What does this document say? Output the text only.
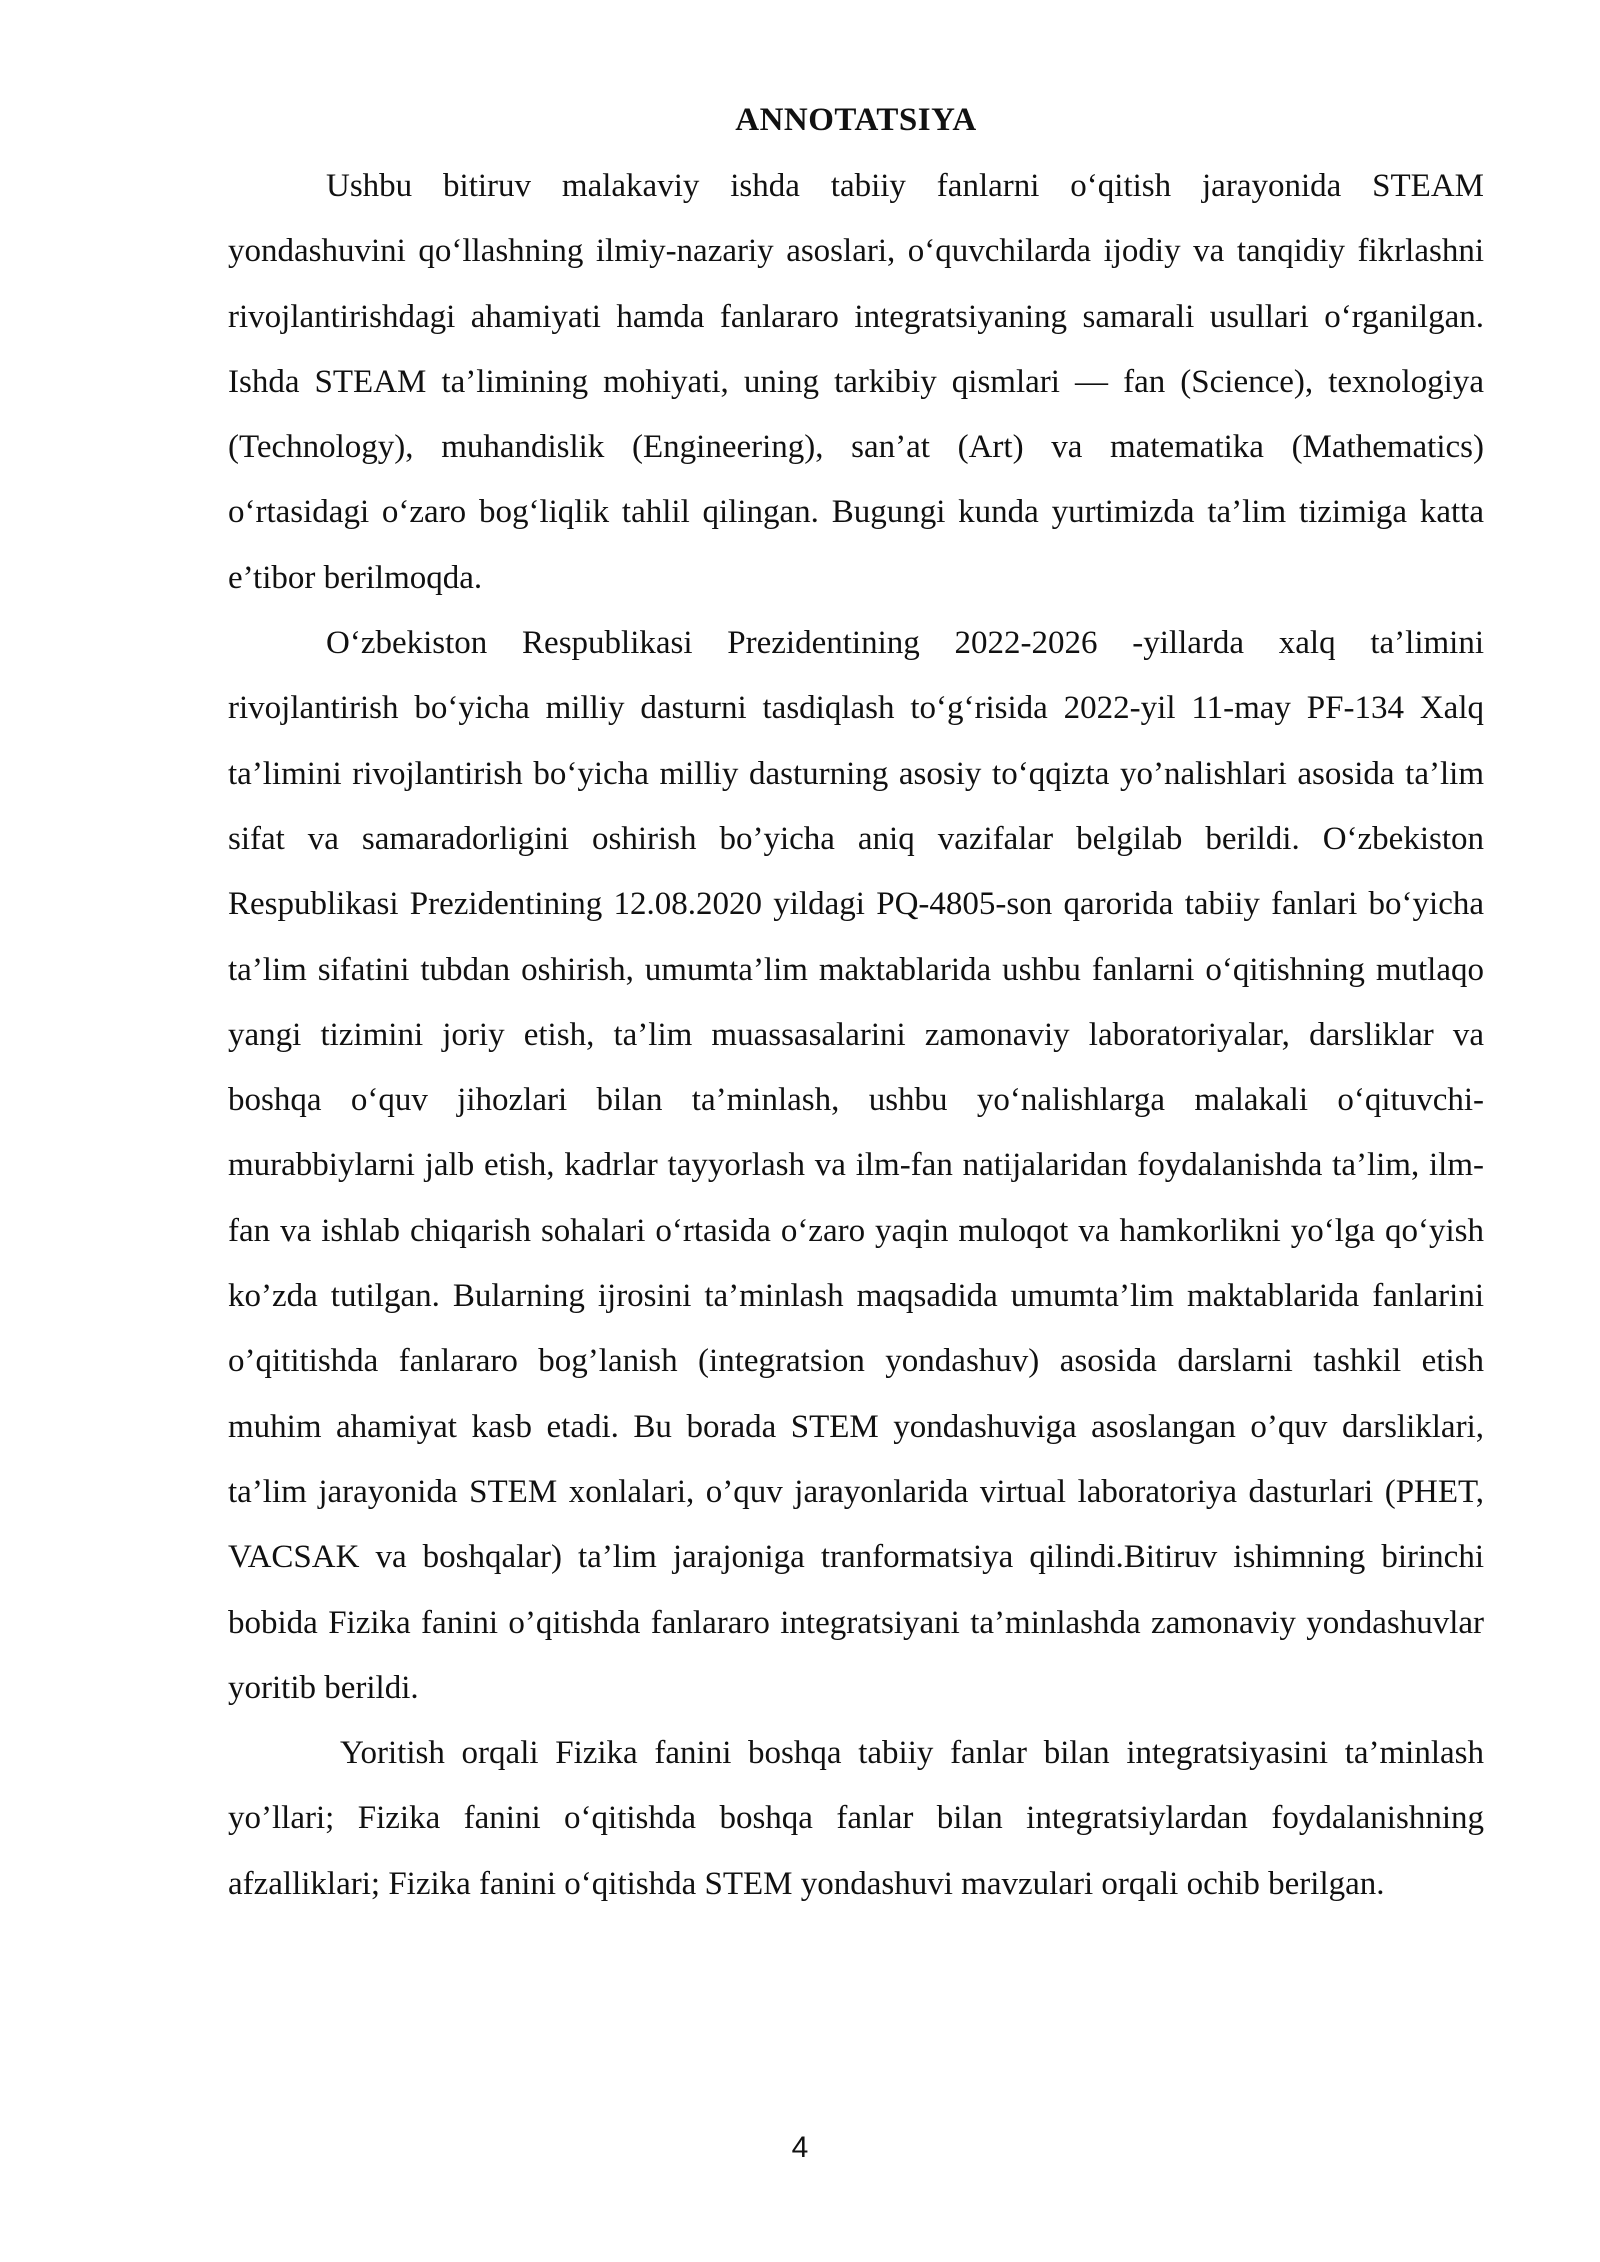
ANNOTATSIYA

Ushbu bitiruv malakaviy ishda tabiiy fanlarni o‘qitish jarayonida STEAM yondashuvini qo‘llashning ilmiy-nazariy asoslari, o‘quvchilarda ijodiy va tanqidiy fikrlashni rivojlantirishdagi ahamiyati hamda fanlararo integratsiyaning samarali usullari o‘rganilgan. Ishda STEAM ta’limining mohiyati, uning tarkibiy qismlari — fan (Science), texnologiya (Technology), muhandislik (Engineering), san’at (Art) va matematika (Mathematics) o‘rtasidagi o‘zaro bog‘liqlik tahlil qilingan. Bugungi kunda yurtimizda ta’lim tizimiga katta e’tibor berilmoqda.

O‘zbekiston Respublikasi Prezidentining 2022-2026 -yillarda xalq ta’limini rivojlantirish bo‘yicha milliy dasturni tasdiqlash to‘g‘risida 2022-yil 11-may PF-134 Xalq ta’limini rivojlantirish bo‘yicha milliy dasturning asosiy to‘qqizta yo’nalishlari asosida ta’lim sifat va samaradorligini oshirish bo’yicha aniq vazifalar belgilab berildi. O‘zbekiston Respublikasi Prezidentining 12.08.2020 yildagi PQ-4805-son qarorida tabiiy fanlari bo‘yicha ta’lim sifatini tubdan oshirish, umumta’lim maktablarida ushbu fanlarni o‘qitishning mutlaqo yangi tizimini joriy etish, ta’lim muassasalarini zamonaviy laboratoriyalar, darsliklar va boshqa o‘quv jihozlari bilan ta’minlash, ushbu yo‘nalishlarga malakali o‘qituvchi-murabbiylarni jalb etish, kadrlar tayyorlash va ilm-fan natijalaridan foydalanishda ta’lim, ilm-fan va ishlab chiqarish sohalari o‘rtasida o‘zaro yaqin muloqot va hamkorlikni yo‘lga qo‘yish ko’zda tutilgan. Bularning ijrosini ta’minlash maqsadida umumta’lim maktablarida fanlarini o’qititishda fanlararo bog’lanish (integratsion yondashuv) asosida darslarni tashkil etish muhim ahamiyat kasb etadi. Bu borada STEM yondashuviga asoslangan o’quv darsliklari, ta’lim jarayonida STEM xonlalari, o’quv jarayonlarida virtual laboratoriya dasturlari (PHET, VACSAK va boshqalar) ta’lim jarajoniga tranformatsiya qilindi.Bitiruv ishimning birinchi bobida Fizika fanini o’qitishda fanlararo integratsiyani ta’minlashda zamonaviy yondashuvlar yoritib berildi.

Yoritish orqali Fizika fanini boshqa tabiiy fanlar bilan integratsiyasini ta’minlash yo’llari; Fizika fanini o‘qitishda boshqa fanlar bilan integratsiylardan foydalanishning afzalliklari; Fizika fanini o‘qitishda STEM yondashuvi mavzulari orqali ochib berilgan.

4
